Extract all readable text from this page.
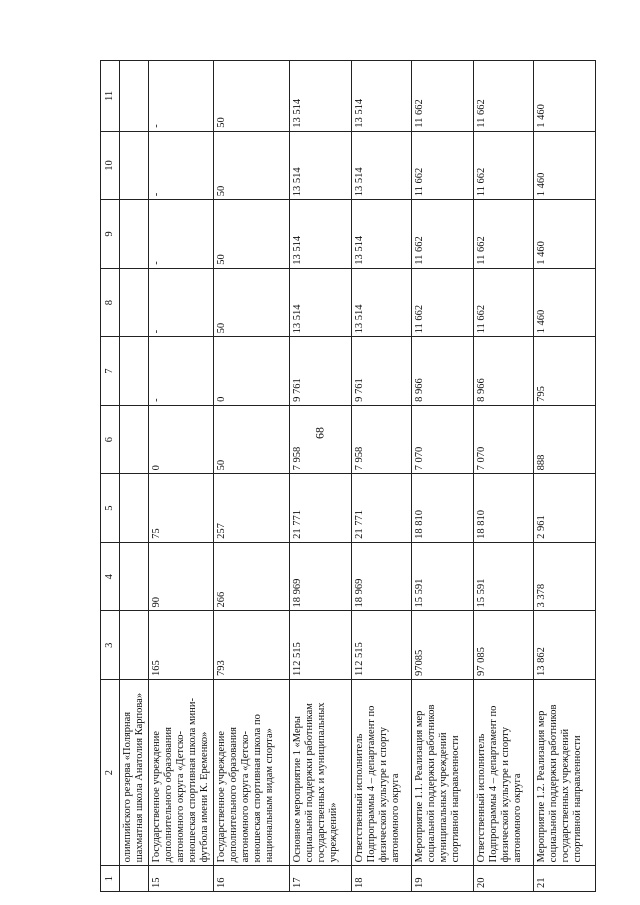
68
1	2	3	4	5	6	7	8	9	10	11
	олимпийского резерва «Полярная шахматная школа Анатолия Карпова»									
15	Государственное учреждение дополнительного образования автономного округа «Детско-юношеская спортивная школа мини-футбола имени К. Еременко»	165	90	75	0	-	-	-	-	-
16	Государственное учреждение дополнительного образования автономного округа «Детско-юношеская спортивная школа по национальным видам спорта»	793	266	257	50	0	50	50	50	50
17	Основное мероприятие 1 «Меры социальной поддержки работникам государственных и муниципальных учреждений»	112 515	18 969	21 771	7 958	9 761	13 514	13 514	13 514	13 514
18	Ответственный исполнитель Подпрограммы 4 – департамент по физической культуре и спорту автономного округа	112 515	18 969	21 771	7 958	9 761	13 514	13 514	13 514	13 514
19	Мероприятие 1.1. Реализация мер социальной поддержки работников муниципальных учреждений спортивной направленности	97085	15 591	18 810	7 070	8 966	11 662	11 662	11 662	11 662
20	Ответственный исполнитель Подпрограммы 4 – департамент по физической культуре и спорту автономного округа	97 085	15 591	18 810	7 070	8 966	11 662	11 662	11 662	11 662
21	Мероприятие 1.2. Реализация мер социальной поддержки работников государственных учреждений спортивной направленности	13 862	3 378	2 961	888	795	1 460	1 460	1 460	1 460
